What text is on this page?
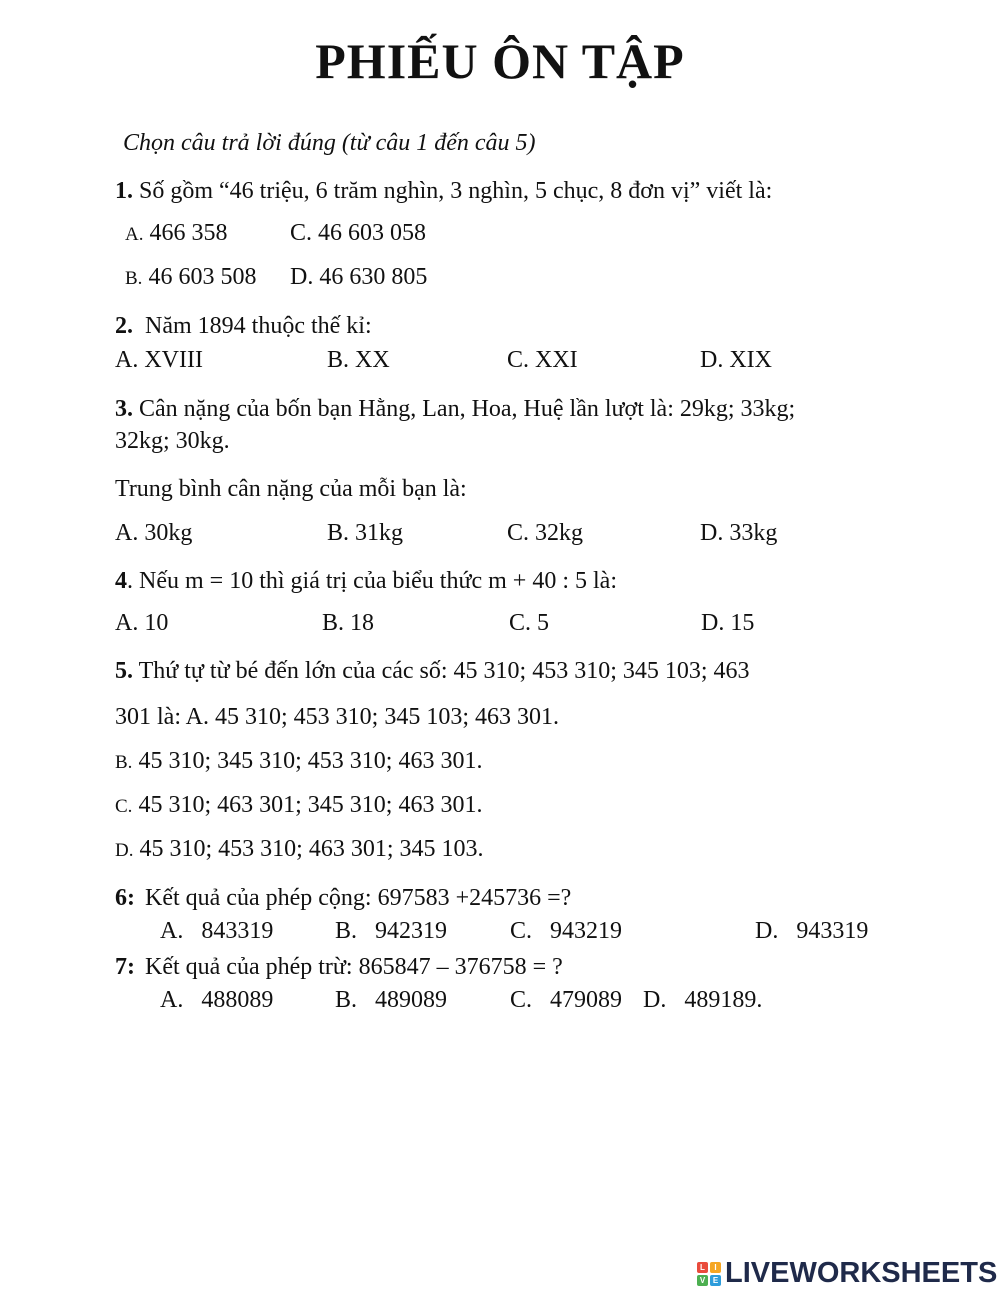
PHIẾU ÔN TẬP
Chọn câu trả lời đúng (từ câu 1 đến câu 5)
1. Số gồm “46 triệu, 6 trăm nghìn, 3 nghìn, 5 chục, 8 đơn vị” viết là:
A. 466 358	C. 46 603 058
B. 46 603 508 D. 46 630 805
2. Năm 1894 thuộc thế kỉ:
A. XVIII	B. XX	C. XXI	D. XIX
3. Cân nặng của bốn bạn Hằng, Lan, Hoa, Huệ lần lượt là: 29kg; 33kg;
32kg; 30kg.
Trung bình cân nặng của mỗi bạn là:
A. 30kg	B. 31kg	C. 32kg	D. 33kg
4. Nếu m = 10 thì giá trị của biểu thức m + 40 : 5 là:
A. 10	B. 18	C. 5	D. 15
5. Thứ tự từ bé đến lớn của các số: 45 310; 453 310; 345 103; 463
301 là: A. 45 310; 453 310; 345 103; 463 301.
B. 45 310; 345 310; 453 310; 463 301.
C. 45 310; 463 301; 345 310; 463 301.
D. 45 310; 453 310; 463 301; 345 103.
6: Kết quả của phép cộng: 697583 +245736 =?
A.   843319	B.   942319	C.   943219	D.   943319
7: Kết quả của phép trừ: 865847 – 376758 = ?
A.   488089	B.   489089	C.   479089 D.   489189.
L	I
V E LIVEWORKSHEETS
